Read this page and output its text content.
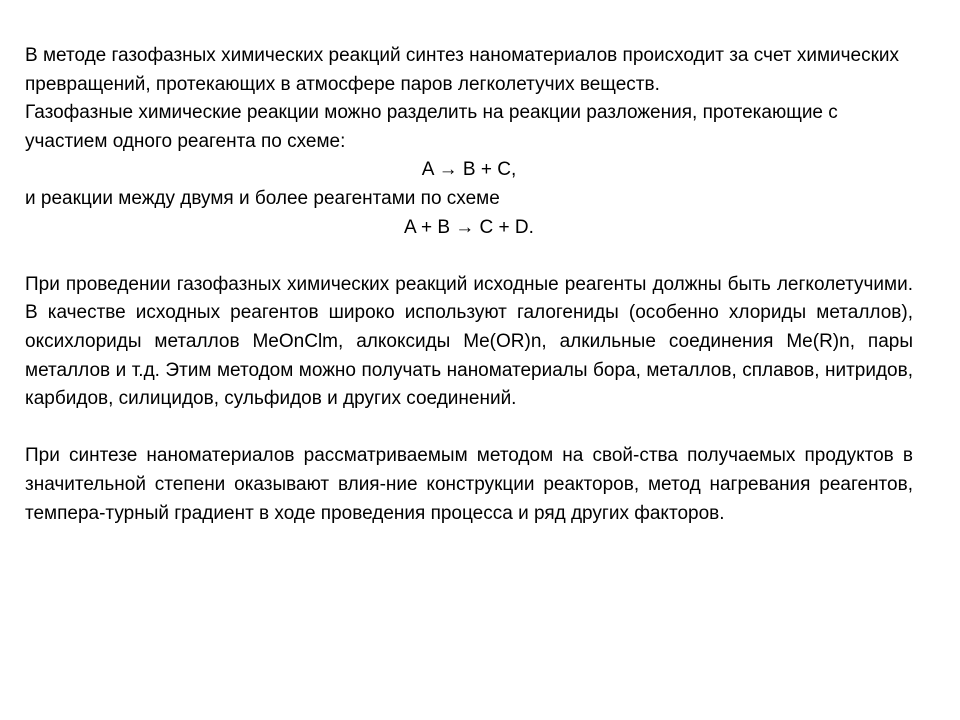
В методе газофазных химических реакций синтез наноматериалов происходит за счет химических превращений, протекающих в атмосфере паров легколетучих веществ.

Газофазные химические реакции можно разделить на реакции разложения, протекающие с участием одного реагента по схеме:

A → B + C,

и реакции между двумя и более реагентами по схеме

A + B → C + D.

При проведении газофазных химических реакций исходные реагенты должны быть легколетучими. В качестве исходных реагентов широко используют галогениды (особенно хлориды металлов), оксихлориды металлов MeOnClm, алкоксиды Me(OR)n, алкильные соединения Me(R)n, пары металлов и т.д. Этим методом можно получать наноматериалы бора, металлов, сплавов, нитридов, карбидов, силицидов, сульфидов и других соединений.

При синтезе наноматериалов рассматриваемым методом на свой-ства получаемых продуктов в значительной степени оказывают влия-ние конструкции реакторов, метод нагревания реагентов, темпера-турный градиент в ходе проведения процесса и ряд других факторов.
